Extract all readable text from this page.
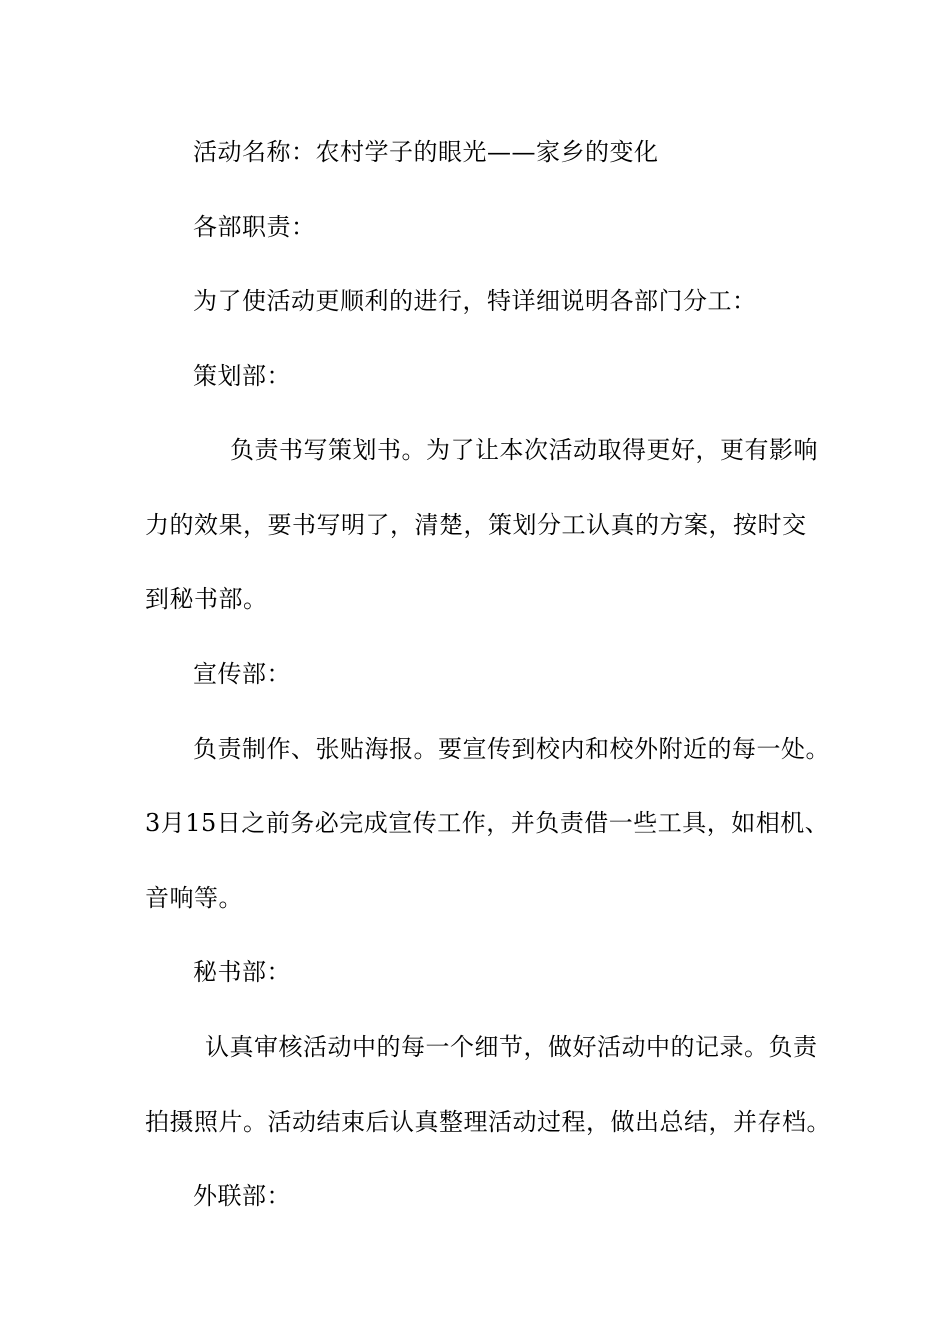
活动名称：农村学子的眼光——家乡的变化
各部职责：
为了使活动更顺利的进行，特详细说明各部门分工：
策划部：
负责书写策划书。为了让本次活动取得更好，更有影响
力的效果，要书写明了，清楚，策划分工认真的方案，按时交
到秘书部。
宣传部：
负责制作、张贴海报。要宣传到校内和校外附近的每一处。
3月15日之前务必完成宣传工作，并负责借一些工具，如相机、
音响等。
秘书部：
认真审核活动中的每一个细节，做好活动中的记录。负责
拍摄照片。活动结束后认真整理活动过程，做出总结，并存档。
外联部：
